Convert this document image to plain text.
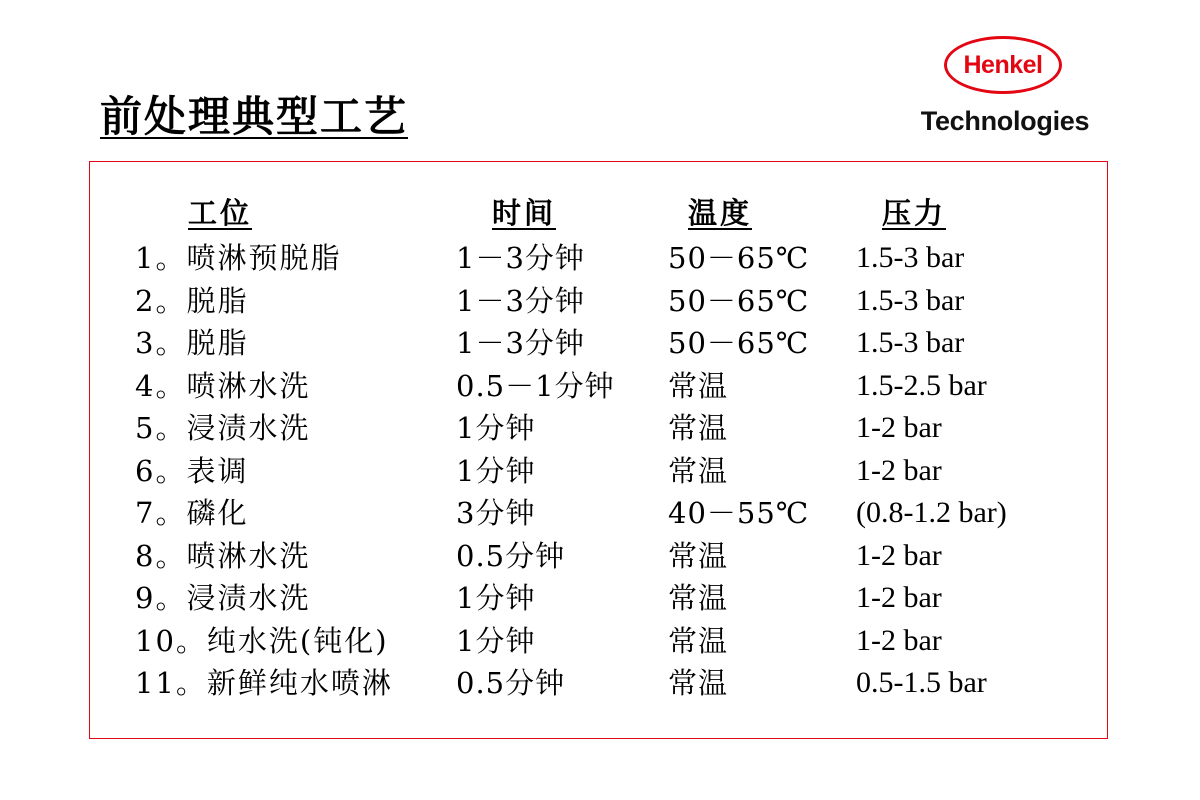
前处理典型工艺
Henkel
Technologies
工位	时间	温度	压力
1。喷淋预脱脂	1－3分钟	50－65℃ 1.5-3 bar
2。脱脂	1－3分钟	50－65℃ 1.5-3 bar
3。脱脂	1－3分钟	50－65℃ 1.5-3 bar
4。喷淋水洗	0.5－1分钟 常温	1.5-2.5 bar
5。浸渍水洗	1分钟	常温	1-2 bar
6。表调	1分钟	常温	1-2 bar
7。磷化	3分钟	40－55℃ (0.8-1.2 bar)
8。喷淋水洗	0.5分钟	常温	1-2 bar
9。浸渍水洗	1分钟	常温	1-2 bar
10。纯水洗(钝化) 1分钟	常温	1-2 bar
11。新鲜纯水喷淋 0.5分钟	常温	0.5-1.5 bar
